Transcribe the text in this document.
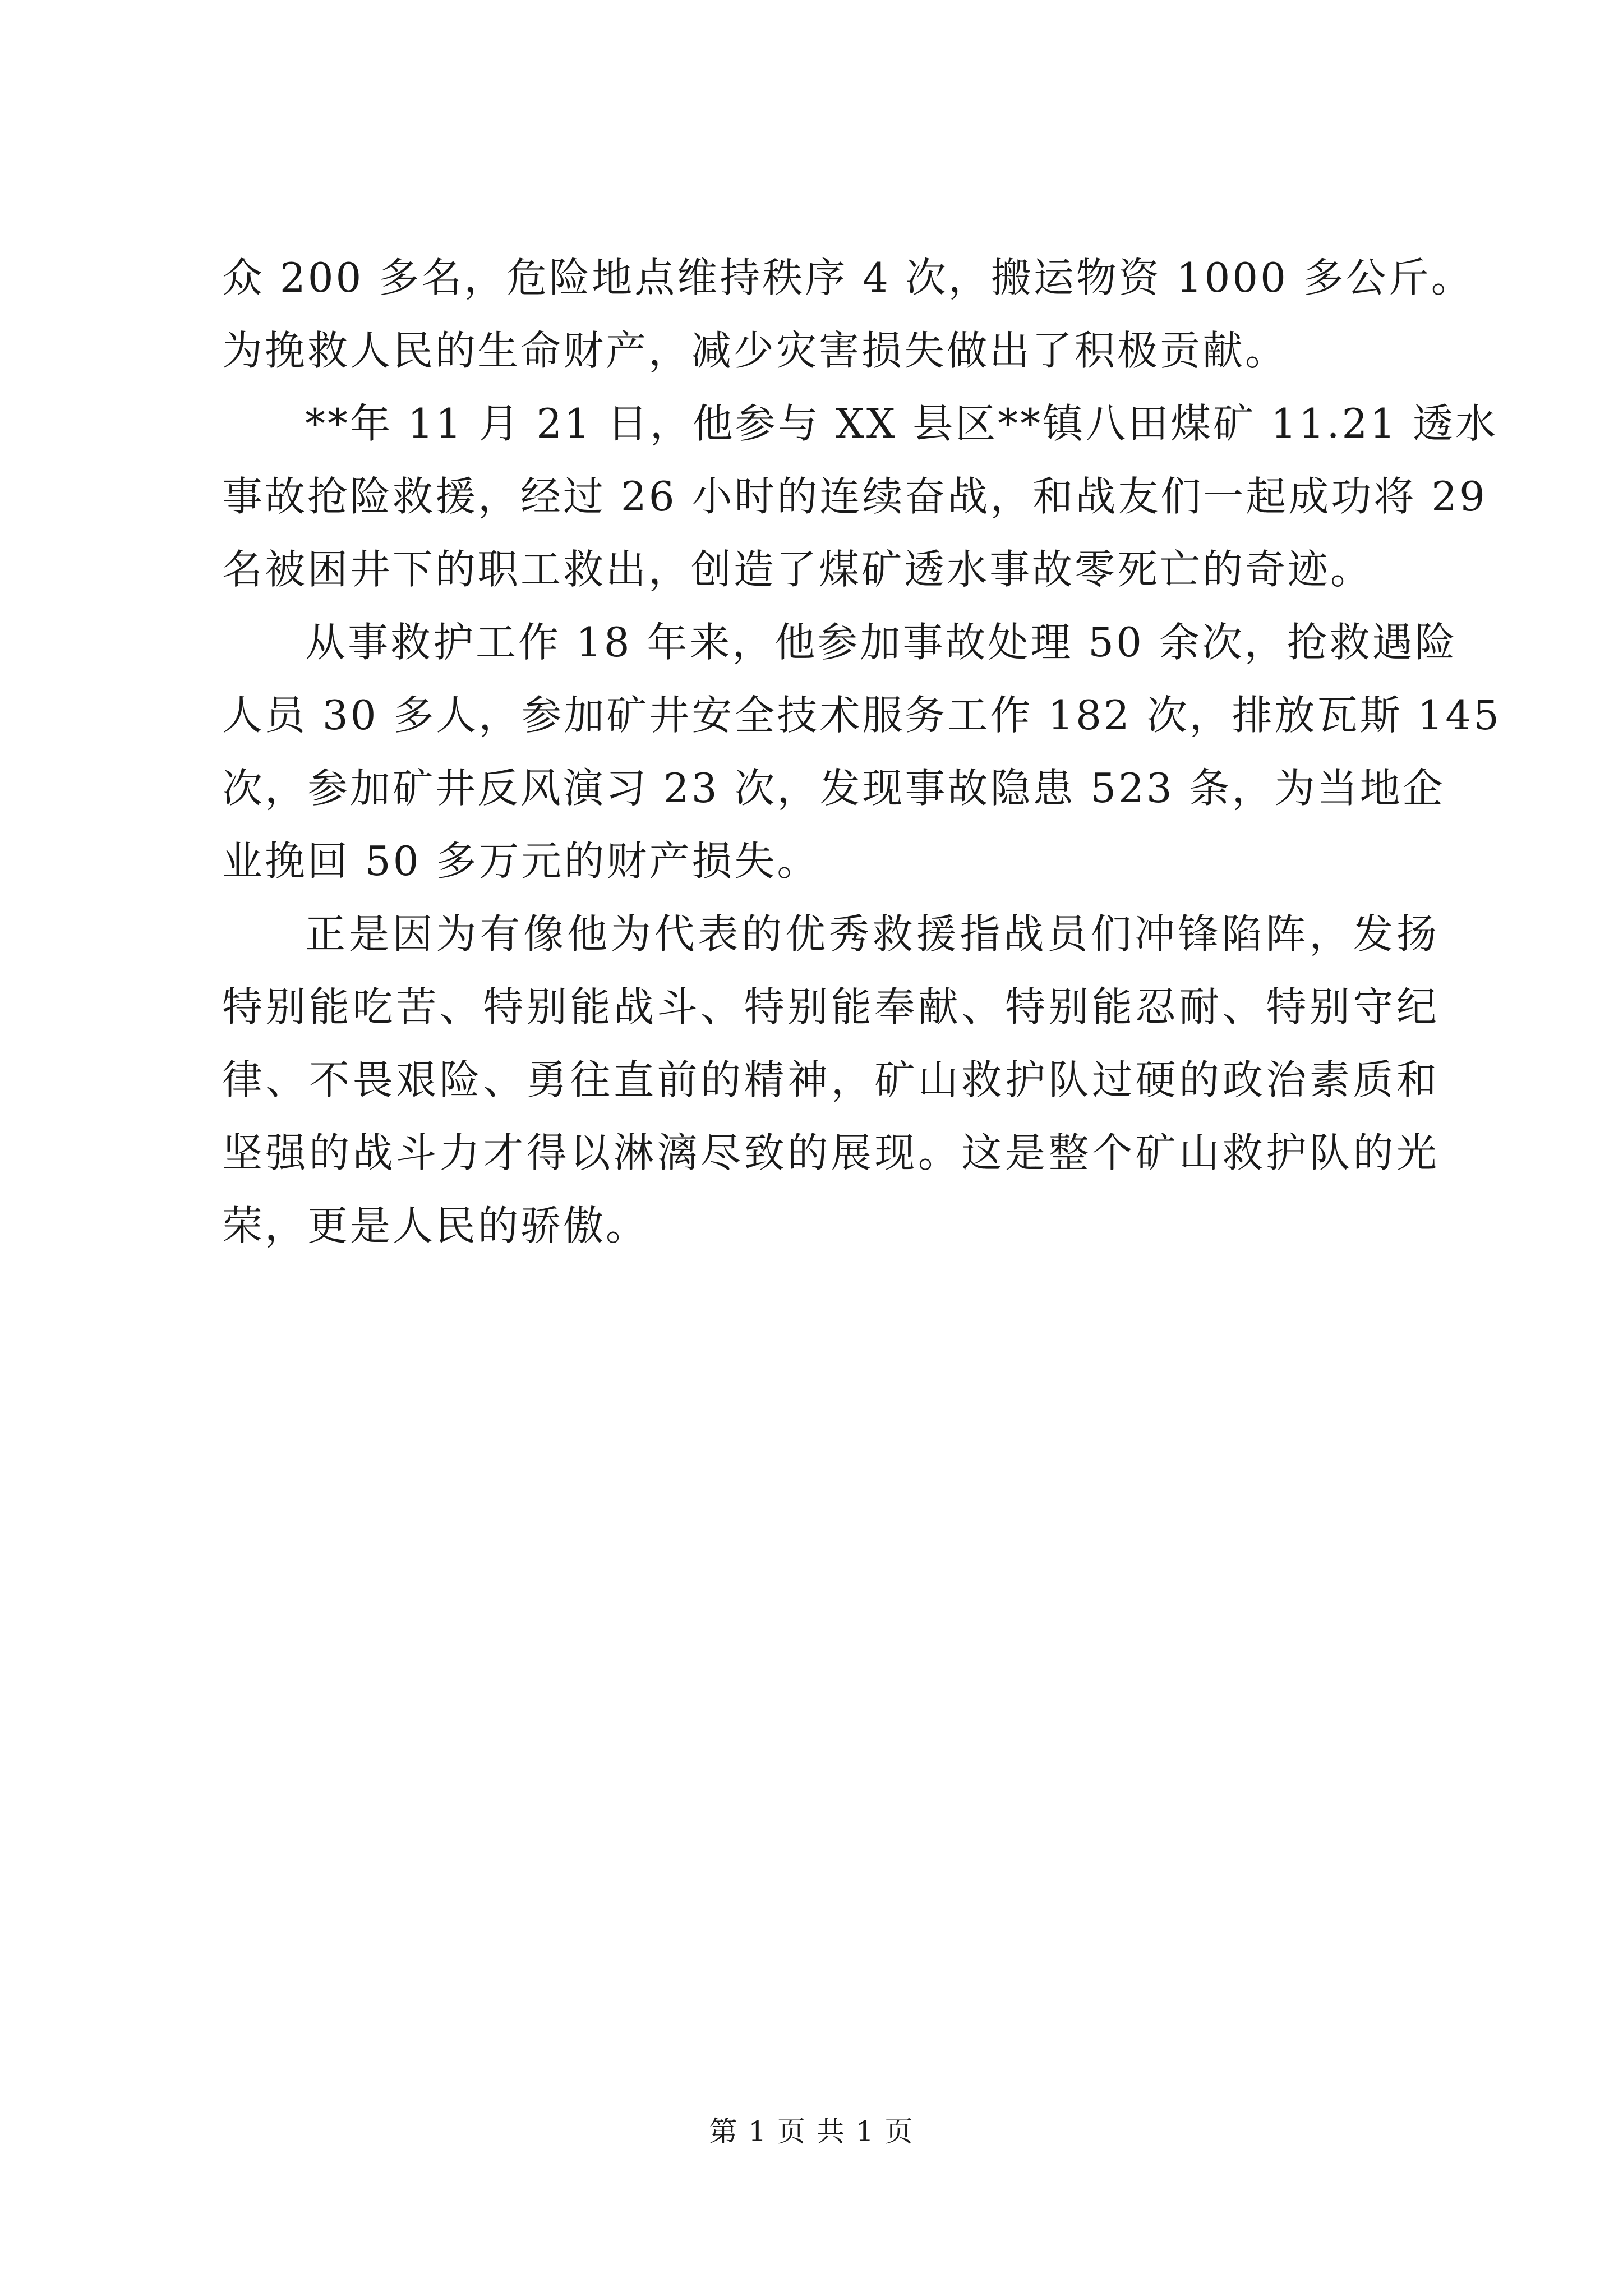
众 200 多名，危险地点维持秩序 4 次，搬运物资 1000 多公斤。
为挽救人民的生命财产，减少灾害损失做出了积极贡献。
**年 11 月 21 日，他参与 XX 县区**镇八田煤矿 11.21 透水
事故抢险救援，经过 26 小时的连续奋战，和战友们一起成功将 29
名被困井下的职工救出，创造了煤矿透水事故零死亡的奇迹。
从事救护工作 18 年来，他参加事故处理 50 余次，抢救遇险
人员 30 多人，参加矿井安全技术服务工作 182 次，排放瓦斯 145
次，参加矿井反风演习 23 次，发现事故隐患 523 条，为当地企
业挽回 50 多万元的财产损失。
正是因为有像他为代表的优秀救援指战员们冲锋陷阵，发扬
特别能吃苦、特别能战斗、特别能奉献、特别能忍耐、特别守纪
律、不畏艰险、勇往直前的精神，矿山救护队过硬的政治素质和
坚强的战斗力才得以淋漓尽致的展现。这是整个矿山救护队的光
荣，更是人民的骄傲。
第 1 页 共 1 页
